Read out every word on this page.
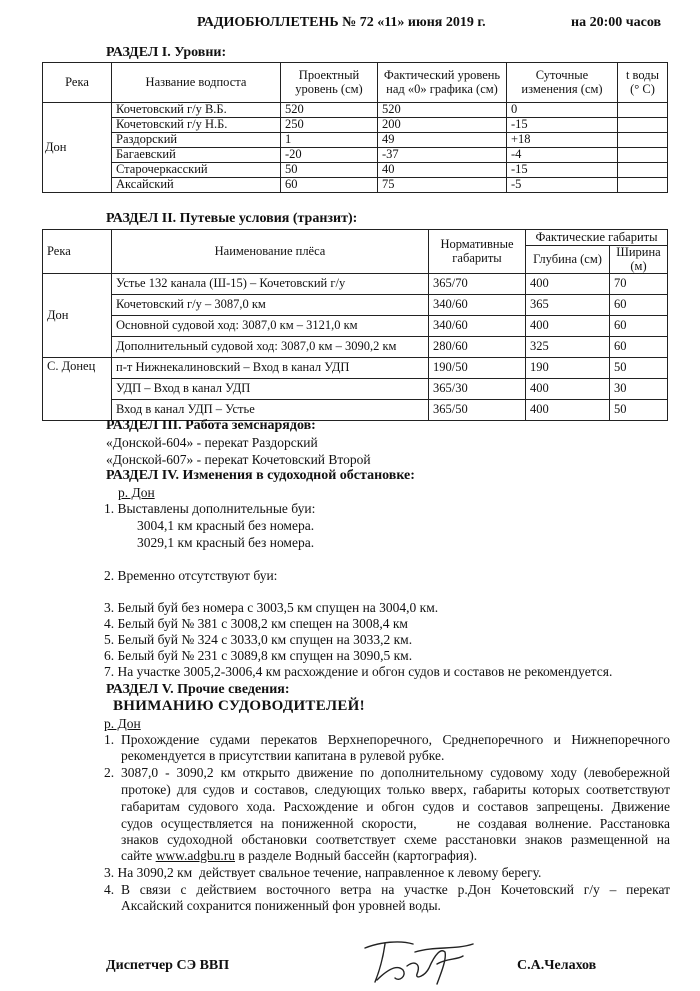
РАДИОБЮЛЛЕТЕНЬ № 72 «11» июня 2019 г.	на 20:00 часов
РАЗДЕЛ I. Уровни:
Река	Название водпоста	Проектный уровень (см)	Фактический уровень над «0» графика (см)	Суточные изменения (см)	t воды (° С)
Дон	Кочетовский г/у В.Б.	520	520	0	
	Кочетовский г/у Н.Б.	250	200	-15	
	Раздорский	1	49	+18	
	Багаевский	-20	-37	-4	
	Старочеркасский	50	40	-15	
	Аксайский	60	75	-5	
РАЗДЕЛ II. Путевые условия (транзит):
Река	Наименование плёса	Нормативные габариты	Фактические габариты	
			Глубина (см)	Ширина (м)
Дон	Устье 132 канала (Ш-15) – Кочетовский г/у	365/70	400	70
	Кочетовский г/у – 3087,0 км	340/60	365	60
	Основной судовой ход: 3087,0 км – 3121,0 км	340/60	400	60
	Дополнительный судовой ход: 3087,0 км – 3090,2 км	280/60	325	60
С. Донец	п-т Нижнекалиновский – Вход в канал УДП	190/50	190	50
	УДП – Вход в канал УДП	365/30	400	30
	Вход в канал УДП – Устье	365/50	400	50
РАЗДЕЛ III. Работа земснарядов:
«Донской-604» - перекат Раздорский
«Донской-607» - перекат Кочетовский Второй
РАЗДЕЛ IV. Изменения в судоходной обстановке:
р. Дон
1. Выставлены дополнительные буи:
3004,1 км красный без номера.
3029,1 км красный без номера.
2. Временно отсутствуют буи:
3. Белый буй без номера с 3003,5 км спущен на 3004,0 км.
4. Белый буй № 381 с 3008,2 км спещен на 3008,4 км
5. Белый буй № 324 с 3033,0 км спущен на 3033,2 км.
6. Белый буй № 231 с 3089,8 км спущен на 3090,5 км.
7. На участке 3005,2-3006,4 км расхождение и обгон судов и составов не рекомендуется.
РАЗДЕЛ V. Прочие сведения:
ВНИМАНИЮ СУДОВОДИТЕЛЕЙ!
р. Дон
1. Прохождение судами перекатов Верхнепоречного, Среднепоречного и Нижнепоречного
рекомендуется в присутствии капитана в рулевой рубке.
2. 3087,0 - 3090,2 км открыто движение по дополнительному судовому ходу (левобережной
протоке) для судов и составов, следующих только вверх, габариты которых соответствуют
габаритам судового хода. Расхождение и обгон судов и составов запрещены. Движение
судов осуществляется на пониженной скорости,     не создавая волнение. Расстановка
знаков судоходной обстановки соответствует схеме расстановки знаков размещенной на
сайте www.adgbu.ru в разделе Водный бассейн (картография).
3. На 3090,2 км  действует свальное течение, направленное к левому берегу.
4. В связи с действием восточного ветра на участке р.Дон Кочетовский г/у – перекат
Аксайский сохранится пониженный фон уровней воды.
Диспетчер СЭ ВВП	С.А.Челахов
